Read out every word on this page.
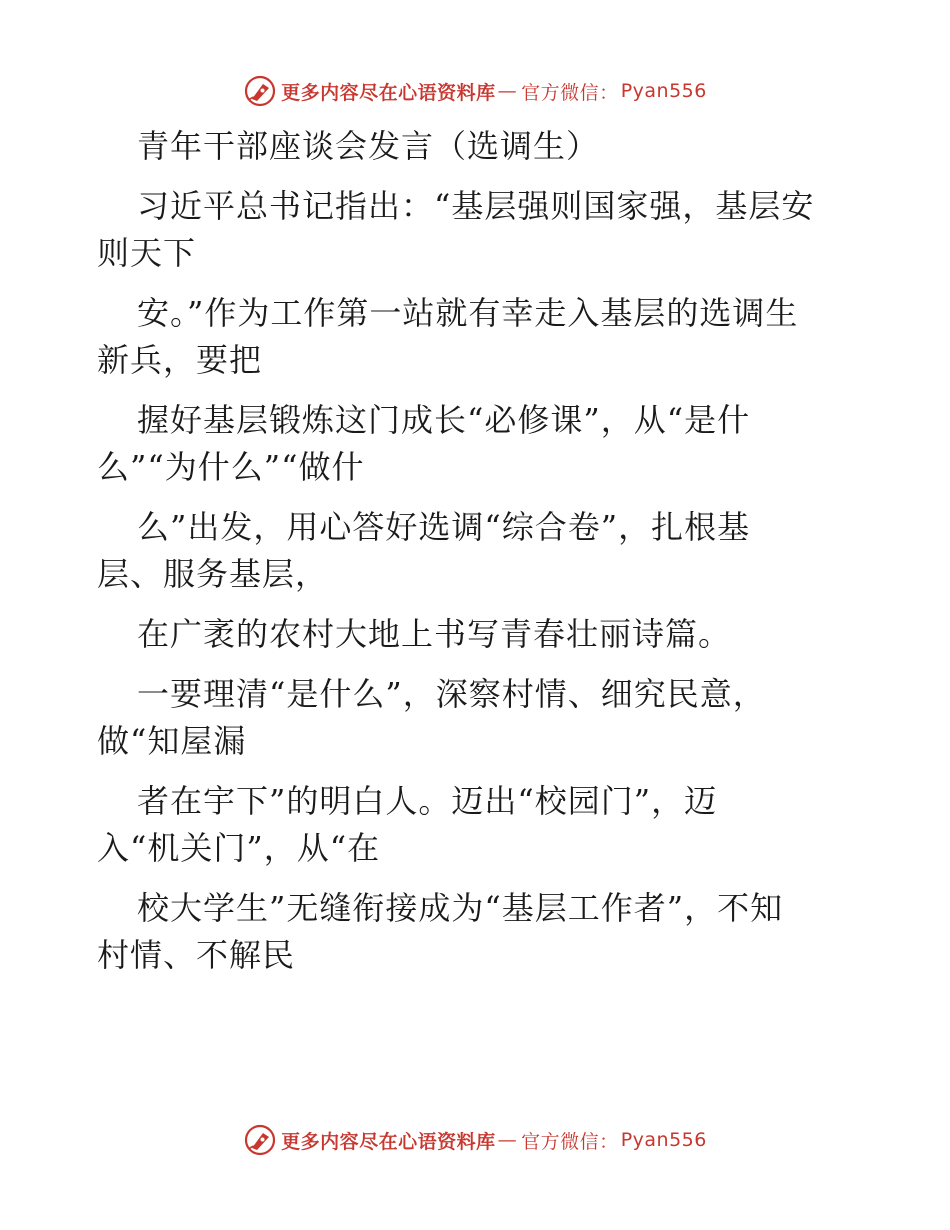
更多内容尽在心语资料库 — 官方微信： Pyan556
青年干部座谈会发言（选调生）
习近平总书记指出：“基层强则国家强，基层安
则天下
安。”作为工作第一站就有幸走入基层的选调生
新兵，要把
握好基层锻炼这门成长“必修课”，从“是什
么”“为什么”“做什
么”出发，用心答好选调“综合卷”，扎根基
层、服务基层，
在广袤的农村大地上书写青春壮丽诗篇。
一要理清“是什么”，深察村情、细究民意，
做“知屋漏
者在宇下”的明白人。迈出“校园门”，迈
入“机关门”，从“在
校大学生”无缝衔接成为“基层工作者”，不知
村情、不解民
更多内容尽在心语资料库 — 官方微信： Pyan556
